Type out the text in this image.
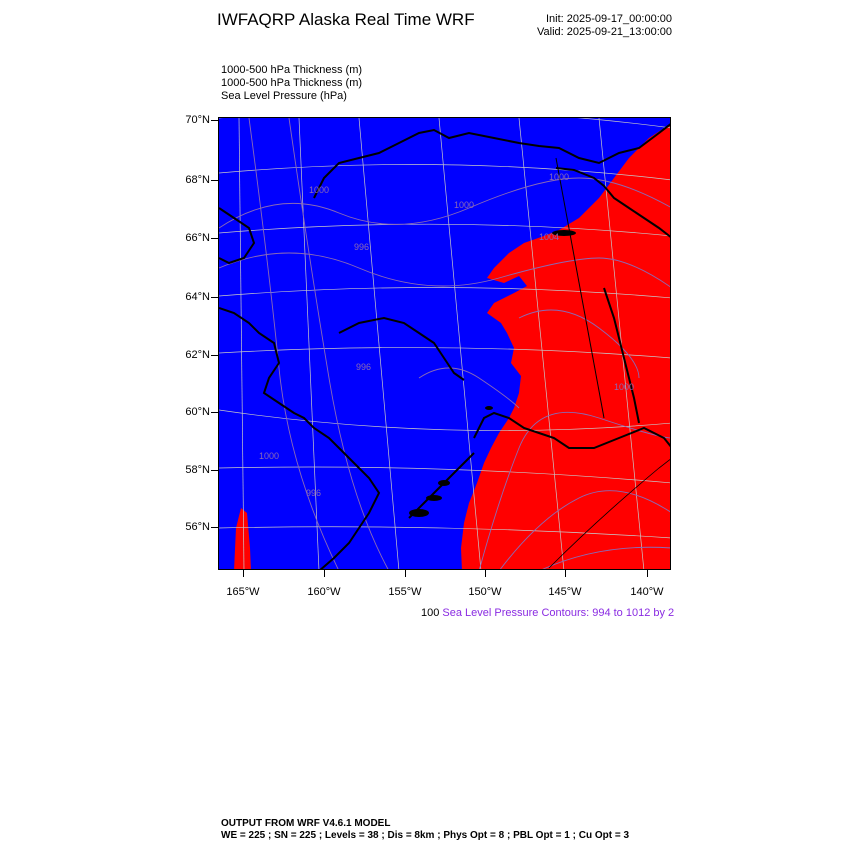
IWFAQRP Alaska Real Time WRF	Init: 2025-09-17_00:00:00
Valid: 2025-09-21_13:00:00
1000-500 hPa Thickness (m)
1000-500 hPa Thickness (m)
Sea Level Pressure (hPa)
1000
1000
996
996
1000
996
1000
1000
1004
70°N
68°N
66°N
64°N
62°N
60°N
58°N
56°N
165°W	160°W	155°W	150°W	145°W	140°W
100 Sea Level Pressure Contours: 994 to 1012 by 2
OUTPUT FROM WRF V4.6.1 MODEL
WE = 225 ; SN = 225 ; Levels = 38 ; Dis = 8km ; Phys Opt = 8 ; PBL Opt = 1 ; Cu Opt = 3
